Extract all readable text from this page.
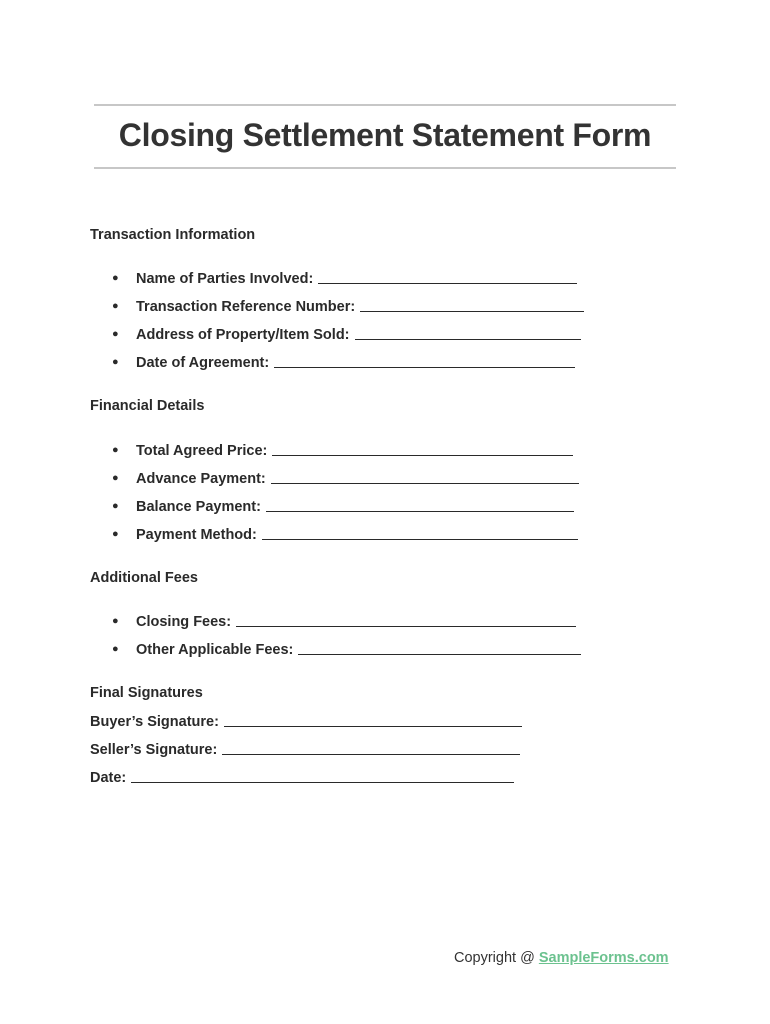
Closing Settlement Statement Form
Transaction Information
● Name of Parties Involved:
● Transaction Reference Number:
● Address of Property/Item Sold:
● Date of Agreement:
Financial Details
● Total Agreed Price:
● Advance Payment:
● Balance Payment:
● Payment Method:
Additional Fees
● Closing Fees:
● Other Applicable Fees:
Final Signatures
Buyer’s Signature:
Seller’s Signature:
Date:
Copyright @ SampleForms.com
